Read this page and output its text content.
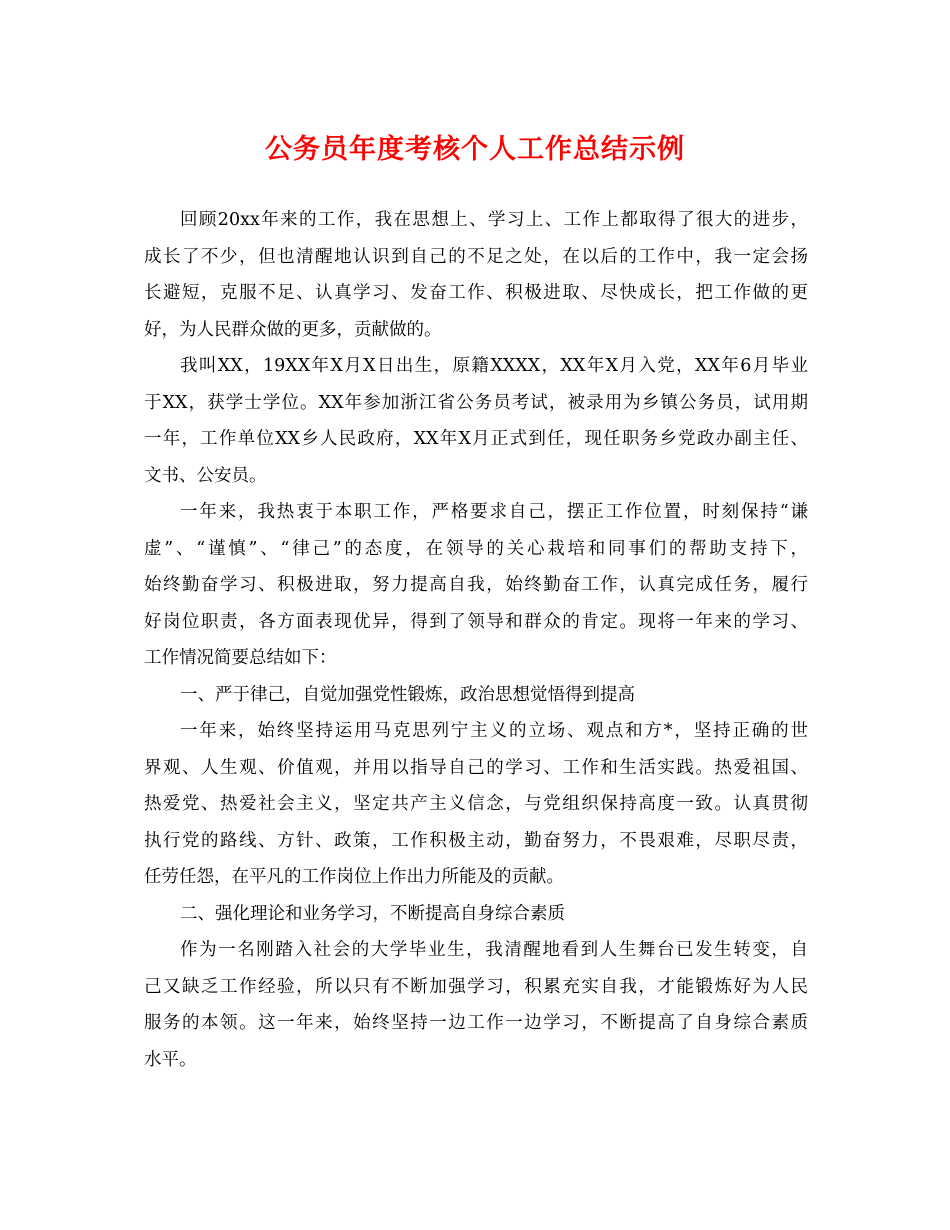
公务员年度考核个人工作总结示例
回顾20xx年来的工作，我在思想上、学习上、工作上都取得了很大的进步，
成长了不少，但也清醒地认识到自己的不足之处，在以后的工作中，我一定会扬
长避短，克服不足、认真学习、发奋工作、积极进取、尽快成长，把工作做的更
好，为人民群众做的更多，贡献做的。
我叫XX，19XX年X月X日出生，原籍XXXX，XX年X月入党，XX年6月毕业
于XX，获学士学位。XX年参加浙江省公务员考试，被录用为乡镇公务员，试用期
一年，工作单位XX乡人民政府，XX年X月正式到任，现任职务乡党政办副主任、
文书、公安员。
一年来，我热衷于本职工作，严格要求自己，摆正工作位置，时刻保持“谦
虚”、“谨慎”、“律己”的态度，在领导的关心栽培和同事们的帮助支持下，
始终勤奋学习、积极进取，努力提高自我，始终勤奋工作，认真完成任务，履行
好岗位职责，各方面表现优异，得到了领导和群众的肯定。现将一年来的学习、
工作情况简要总结如下：
一、严于律己，自觉加强党性锻炼，政治思想觉悟得到提高
一年来，始终坚持运用马克思列宁主义的立场、观点和方*，坚持正确的世
界观、人生观、价值观，并用以指导自己的学习、工作和生活实践。热爱祖国、
热爱党、热爱社会主义，坚定共产主义信念，与党组织保持高度一致。认真贯彻
执行党的路线、方针、政策，工作积极主动，勤奋努力，不畏艰难，尽职尽责，
任劳任怨，在平凡的工作岗位上作出力所能及的贡献。
二、强化理论和业务学习，不断提高自身综合素质
作为一名刚踏入社会的大学毕业生，我清醒地看到人生舞台已发生转变，自
己又缺乏工作经验，所以只有不断加强学习，积累充实自我，才能锻炼好为人民
服务的本领。这一年来，始终坚持一边工作一边学习，不断提高了自身综合素质
水平。
